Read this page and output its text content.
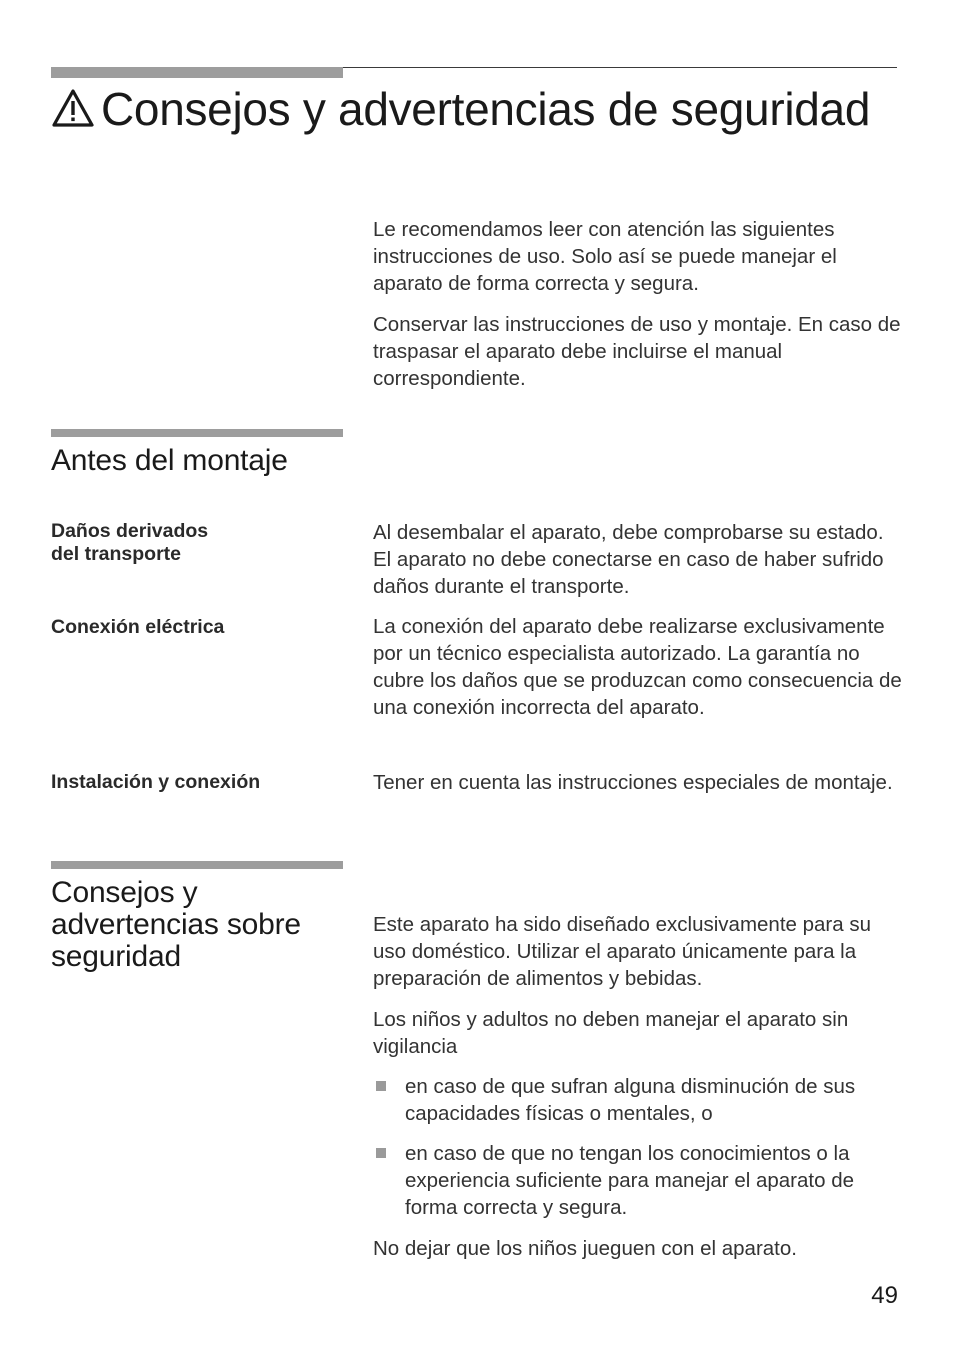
Consejos y advertencias de seguridad

Le recomendamos leer con atención las siguientes instrucciones de uso. Solo así se puede manejar el aparato de forma correcta y segura.

Conservar las instrucciones de uso y montaje. En caso de traspasar el aparato debe incluirse el manual correspondiente.

Antes del montaje
Daños derivados
del transporte

Al desembalar el aparato, debe comprobarse su estado. El aparato no debe conectarse en caso de haber sufrido daños durante el transporte.

Conexión eléctrica	La conexión del aparato debe realizarse exclusivamente por un técnico especialista autorizado. La garantía no cubre los daños que se produzcan como consecuencia de una conexión incorrecta del aparato.

Instalación y conexión	Tener en cuenta las instrucciones especiales de montaje.

Consejos y
advertencias sobre
seguridad

Este aparato ha sido diseñado exclusivamente para su uso doméstico. Utilizar el aparato únicamente para la preparación de alimentos y bebidas.

Los niños y adultos no deben manejar el aparato sin vigilancia

en caso de que sufran alguna disminución de sus capacidades físicas o mentales, o

en caso de que no tengan los conocimientos o la experiencia suficiente para manejar el aparato de forma correcta y segura.

No dejar que los niños jueguen con el aparato.

49
